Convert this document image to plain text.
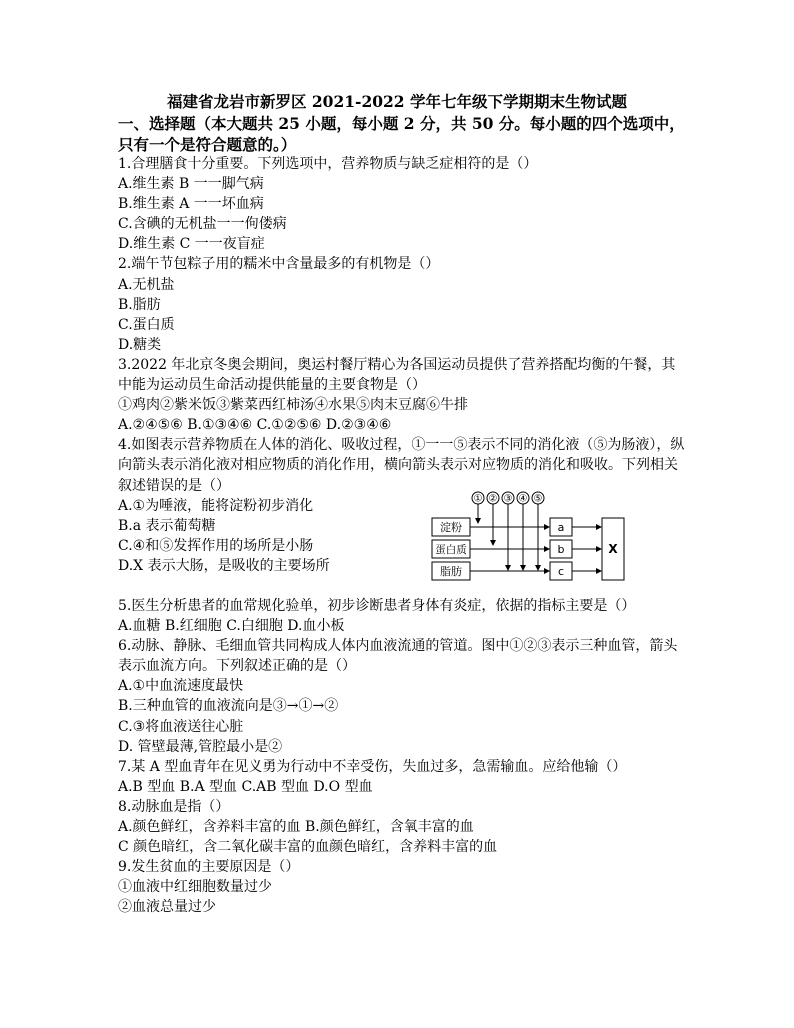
福建省龙岩市新罗区 2021-2022 学年七年级下学期期末生物试题
一、选择题（本大题共 25 小题，每小题 2 分，共 50 分。每小题的四个选项中，只有一个是符合题意的。）

1.合理膳食十分重要。下列选项中，营养物质与缺乏症相符的是（）

A.维生素 B 一一脚气病

B.维生素 A 一一坏血病

C.含碘的无机盐一一佝偻病

D.维生素 C 一一夜盲症

2.端午节包粽子用的糯米中含量最多的有机物是（）

A.无机盐

B.脂肪

C.蛋白质

D.糖类

3.2022 年北京冬奥会期间，奥运村餐厅精心为各国运动员提供了营养搭配均衡的午餐，其中能为运动员生命活动提供能量的主要食物是（）

①鸡肉②紫米饭③紫菜西红柿汤④水果⑤肉末豆腐⑥牛排

A.②④⑤⑥ B.①③④⑥ C.①②⑤⑥ D.②③④⑥

4.如图表示营养物质在人体的消化、吸收过程，①一一⑤表示不同的消化液（⑤为肠液），纵向箭头表示消化液对相应物质的消化作用，横向箭头表示对应物质的消化和吸收。下列相关叙述错误的是（）

A.①为唾液，能将淀粉初步消化

B.a 表示葡萄糖

C.④和⑤发挥作用的场所是小肠

D.X 表示大肠，是吸收的主要场所

5.医生分析患者的血常规化验单，初步诊断患者身体有炎症，依据的指标主要是（）

A.血糖 B.红细胞 C.白细胞 D.血小板

6.动脉、静脉、毛细血管共同构成人体内血液流通的管道。图中①②③表示三种血管，箭头表示血流方向。下列叙述正确的是（）

A.①中血流速度最快

B.三种血管的血液流向是③→①→②

C.③将血液送往心脏

D. 管壁最薄,管腔最小是②

7.某 A 型血青年在见义勇为行动中不幸受伤，失血过多，急需输血。应给他输（）

A.B 型血 B.A 型血 C.AB 型血 D.O 型血

8.动脉血是指（）

A.颜色鲜红，含养料丰富的血 B.颜色鲜红，含氧丰富的血

C 颜色暗红，含二氧化碳丰富的血颜色暗红，含养料丰富的血

9.发生贫血的主要原因是（）

①血液中红细胞数量过少

②血液总量过少

① ② ③ ④ ⑤
淀粉
蛋白质
脂肪
a
b
c
X
